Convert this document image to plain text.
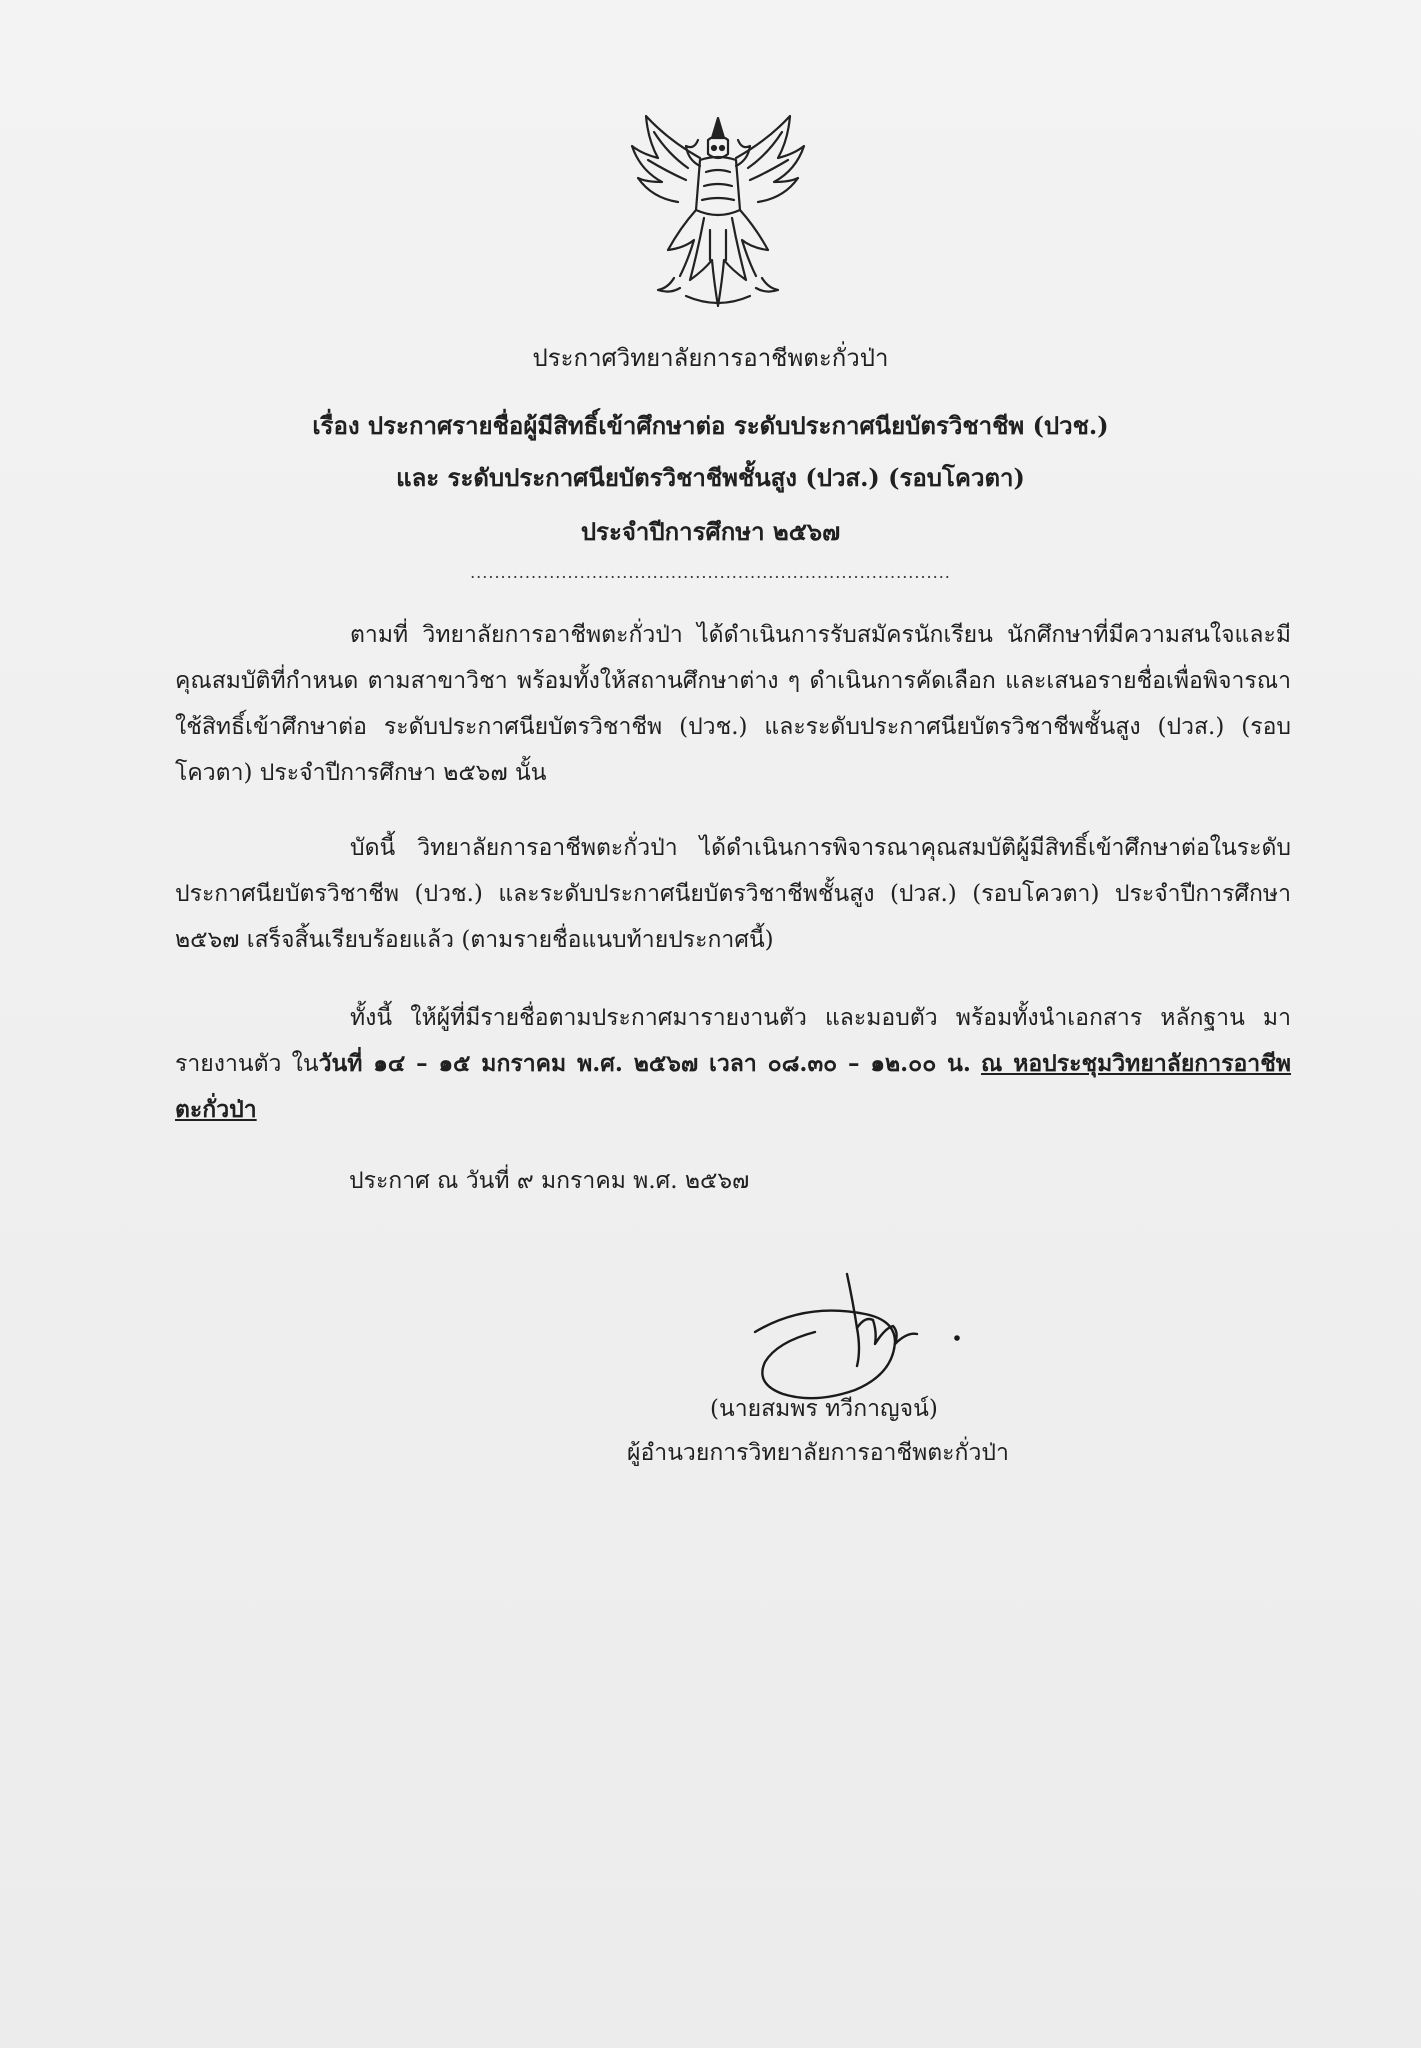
ประกาศวิทยาลัยการอาชีพตะกั่วป่า
เรื่อง ประกาศรายชื่อผู้มีสิทธิ์เข้าศึกษาต่อ ระดับประกาศนียบัตรวิชาชีพ (ปวช.)
และ ระดับประกาศนียบัตรวิชาชีพชั้นสูง (ปวส.) (รอบโควตา)
ประจำปีการศึกษา ๒๕๖๗
...............................................................................
ตามที่ วิทยาลัยการอาชีพตะกั่วป่า ได้ดำเนินการรับสมัครนักเรียน นักศึกษาที่มีความสนใจและมีคุณสมบัติที่กำหนด ตามสาขาวิชา พร้อมทั้งให้สถานศึกษาต่าง ๆ ดำเนินการคัดเลือก และเสนอรายชื่อเพื่อพิจารณาใช้สิทธิ์เข้าศึกษาต่อ ระดับประกาศนียบัตรวิชาชีพ (ปวช.) และระดับประกาศนียบัตรวิชาชีพชั้นสูง (ปวส.) (รอบโควตา) ประจำปีการศึกษา ๒๕๖๗ นั้น
บัดนี้ วิทยาลัยการอาชีพตะกั่วป่า ได้ดำเนินการพิจารณาคุณสมบัติผู้มีสิทธิ์เข้าศึกษาต่อในระดับประกาศนียบัตรวิชาชีพ (ปวช.) และระดับประกาศนียบัตรวิชาชีพชั้นสูง (ปวส.) (รอบโควตา) ประจำปีการศึกษา ๒๕๖๗ เสร็จสิ้นเรียบร้อยแล้ว (ตามรายชื่อแนบท้ายประกาศนี้)
ทั้งนี้ ให้ผู้ที่มีรายชื่อตามประกาศมารายงานตัว และมอบตัว พร้อมทั้งนำเอกสาร หลักฐาน มารายงานตัว ในวันที่ ๑๔ – ๑๕ มกราคม พ.ศ. ๒๕๖๗ เวลา ๐๘.๓๐ – ๑๒.๐๐ น. ณ หอประชุมวิทยาลัยการอาชีพตะกั่วป่า
ประกาศ ณ วันที่ ๙ มกราคม พ.ศ. ๒๕๖๗
(นายสมพร ทวีกาญจน์)
ผู้อำนวยการวิทยาลัยการอาชีพตะกั่วป่า
